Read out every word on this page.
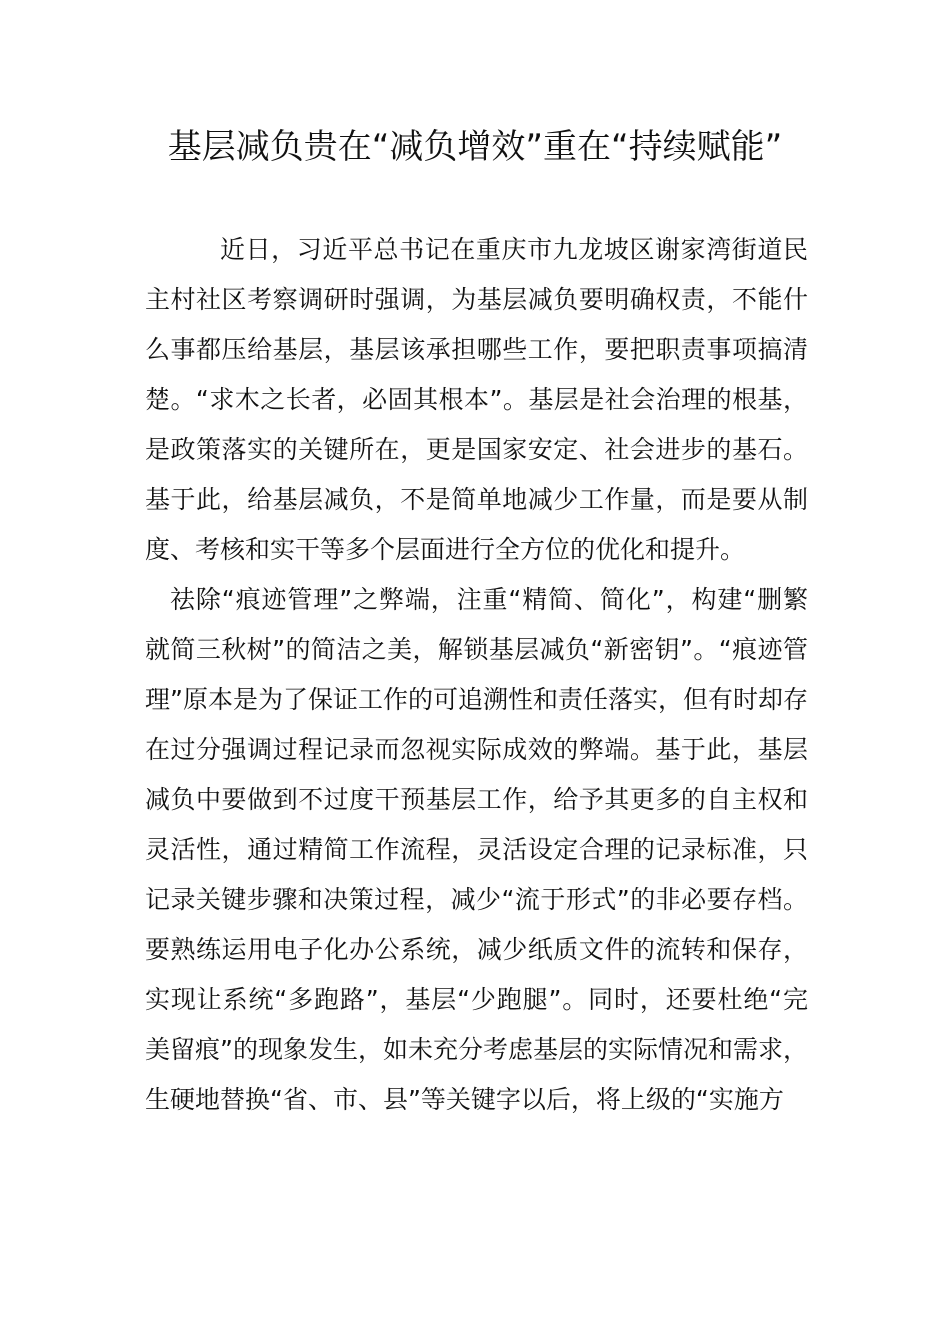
基层减负贵在“减负增效”重在“持续赋能”

近日，习近平总书记在重庆市九龙坡区谢家湾街道民主村社区考察调研时强调，为基层减负要明确权责，不能什么事都压给基层，基层该承担哪些工作，要把职责事项搞清楚。“求木之长者，必固其根本”。基层是社会治理的根基，是政策落实的关键所在，更是国家安定、社会进步的基石。基于此，给基层减负，不是简单地减少工作量，而是要从制度、考核和实干等多个层面进行全方位的优化和提升。

祛除“痕迹管理”之弊端，注重“精简、简化”，构建“删繁就简三秋树”的简洁之美，解锁基层减负“新密钥”。“痕迹管理”原本是为了保证工作的可追溯性和责任落实，但有时却存在过分强调过程记录而忽视实际成效的弊端。基于此，基层减负中要做到不过度干预基层工作，给予其更多的自主权和灵活性，通过精简工作流程，灵活设定合理的记录标准，只记录关键步骤和决策过程，减少“流于形式”的非必要存档。要熟练运用电子化办公系统，减少纸质文件的流转和保存，实现让系统“多跑路”，基层“少跑腿”。同时，还要杜绝“完美留痕”的现象发生，如未充分考虑基层的实际情况和需求，生硬地替换“省、市、县”等关键字以后，将上级的“实施方
